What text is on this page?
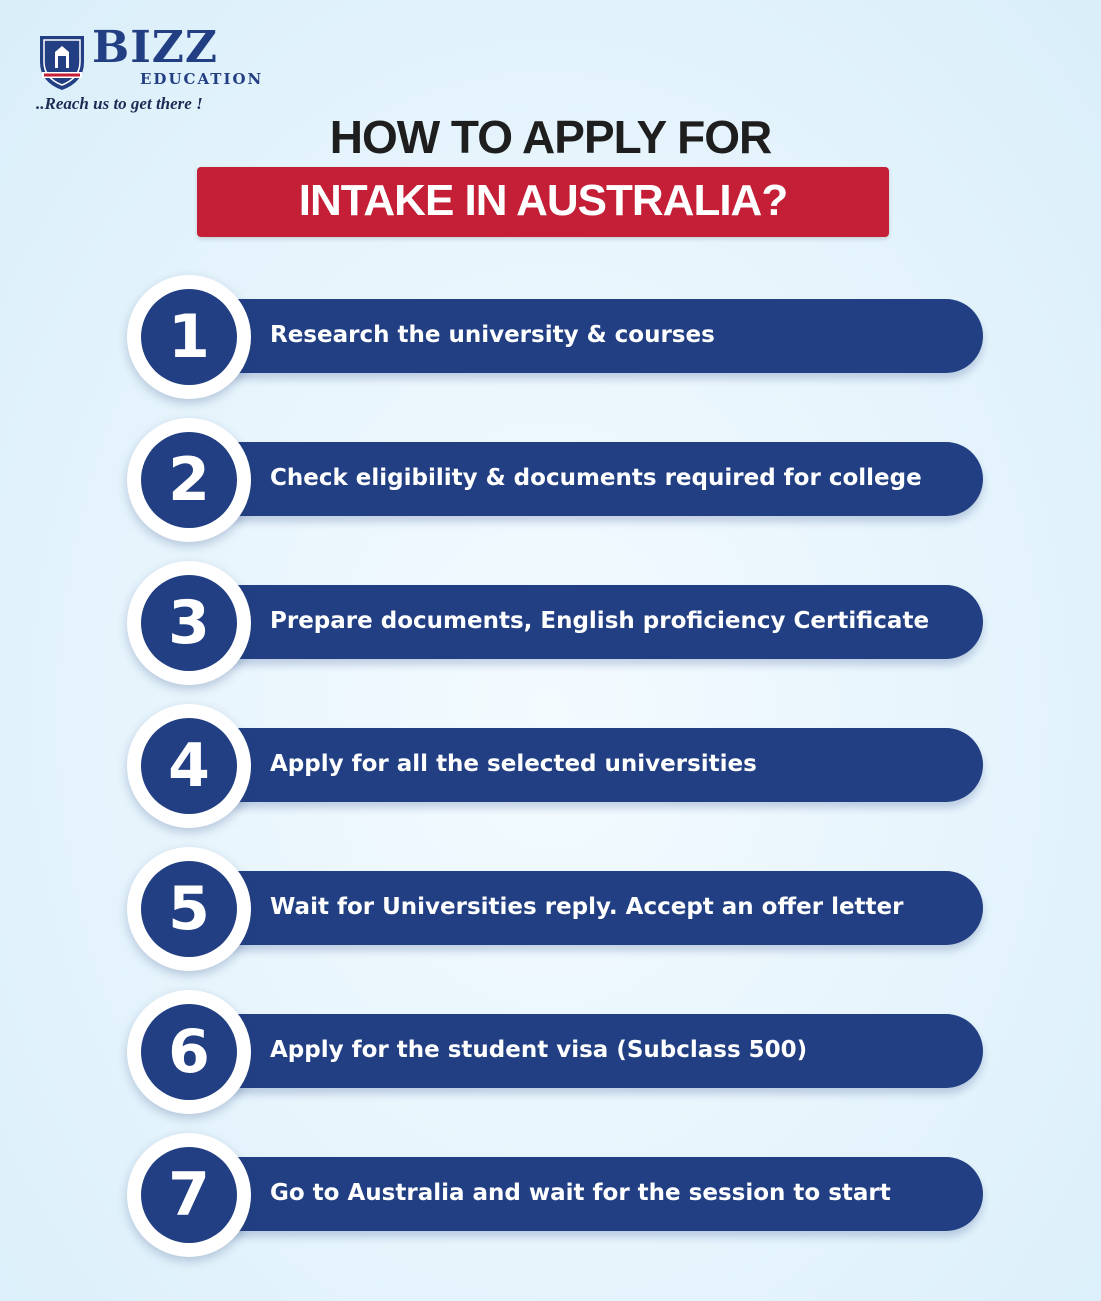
BIZZ
EDUCATION
..Reach us to get there !
HOW TO APPLY FOR
INTAKE IN AUSTRALIA?
Research the university & courses
1
Check eligibility & documents required for college
2
Prepare documents, English proficiency Certificate
3
Apply for all the selected universities
4
Wait for Universities reply. Accept an offer letter
5
Apply for the student visa (Subclass 500)
6
Go to Australia and wait for the session to start
7
